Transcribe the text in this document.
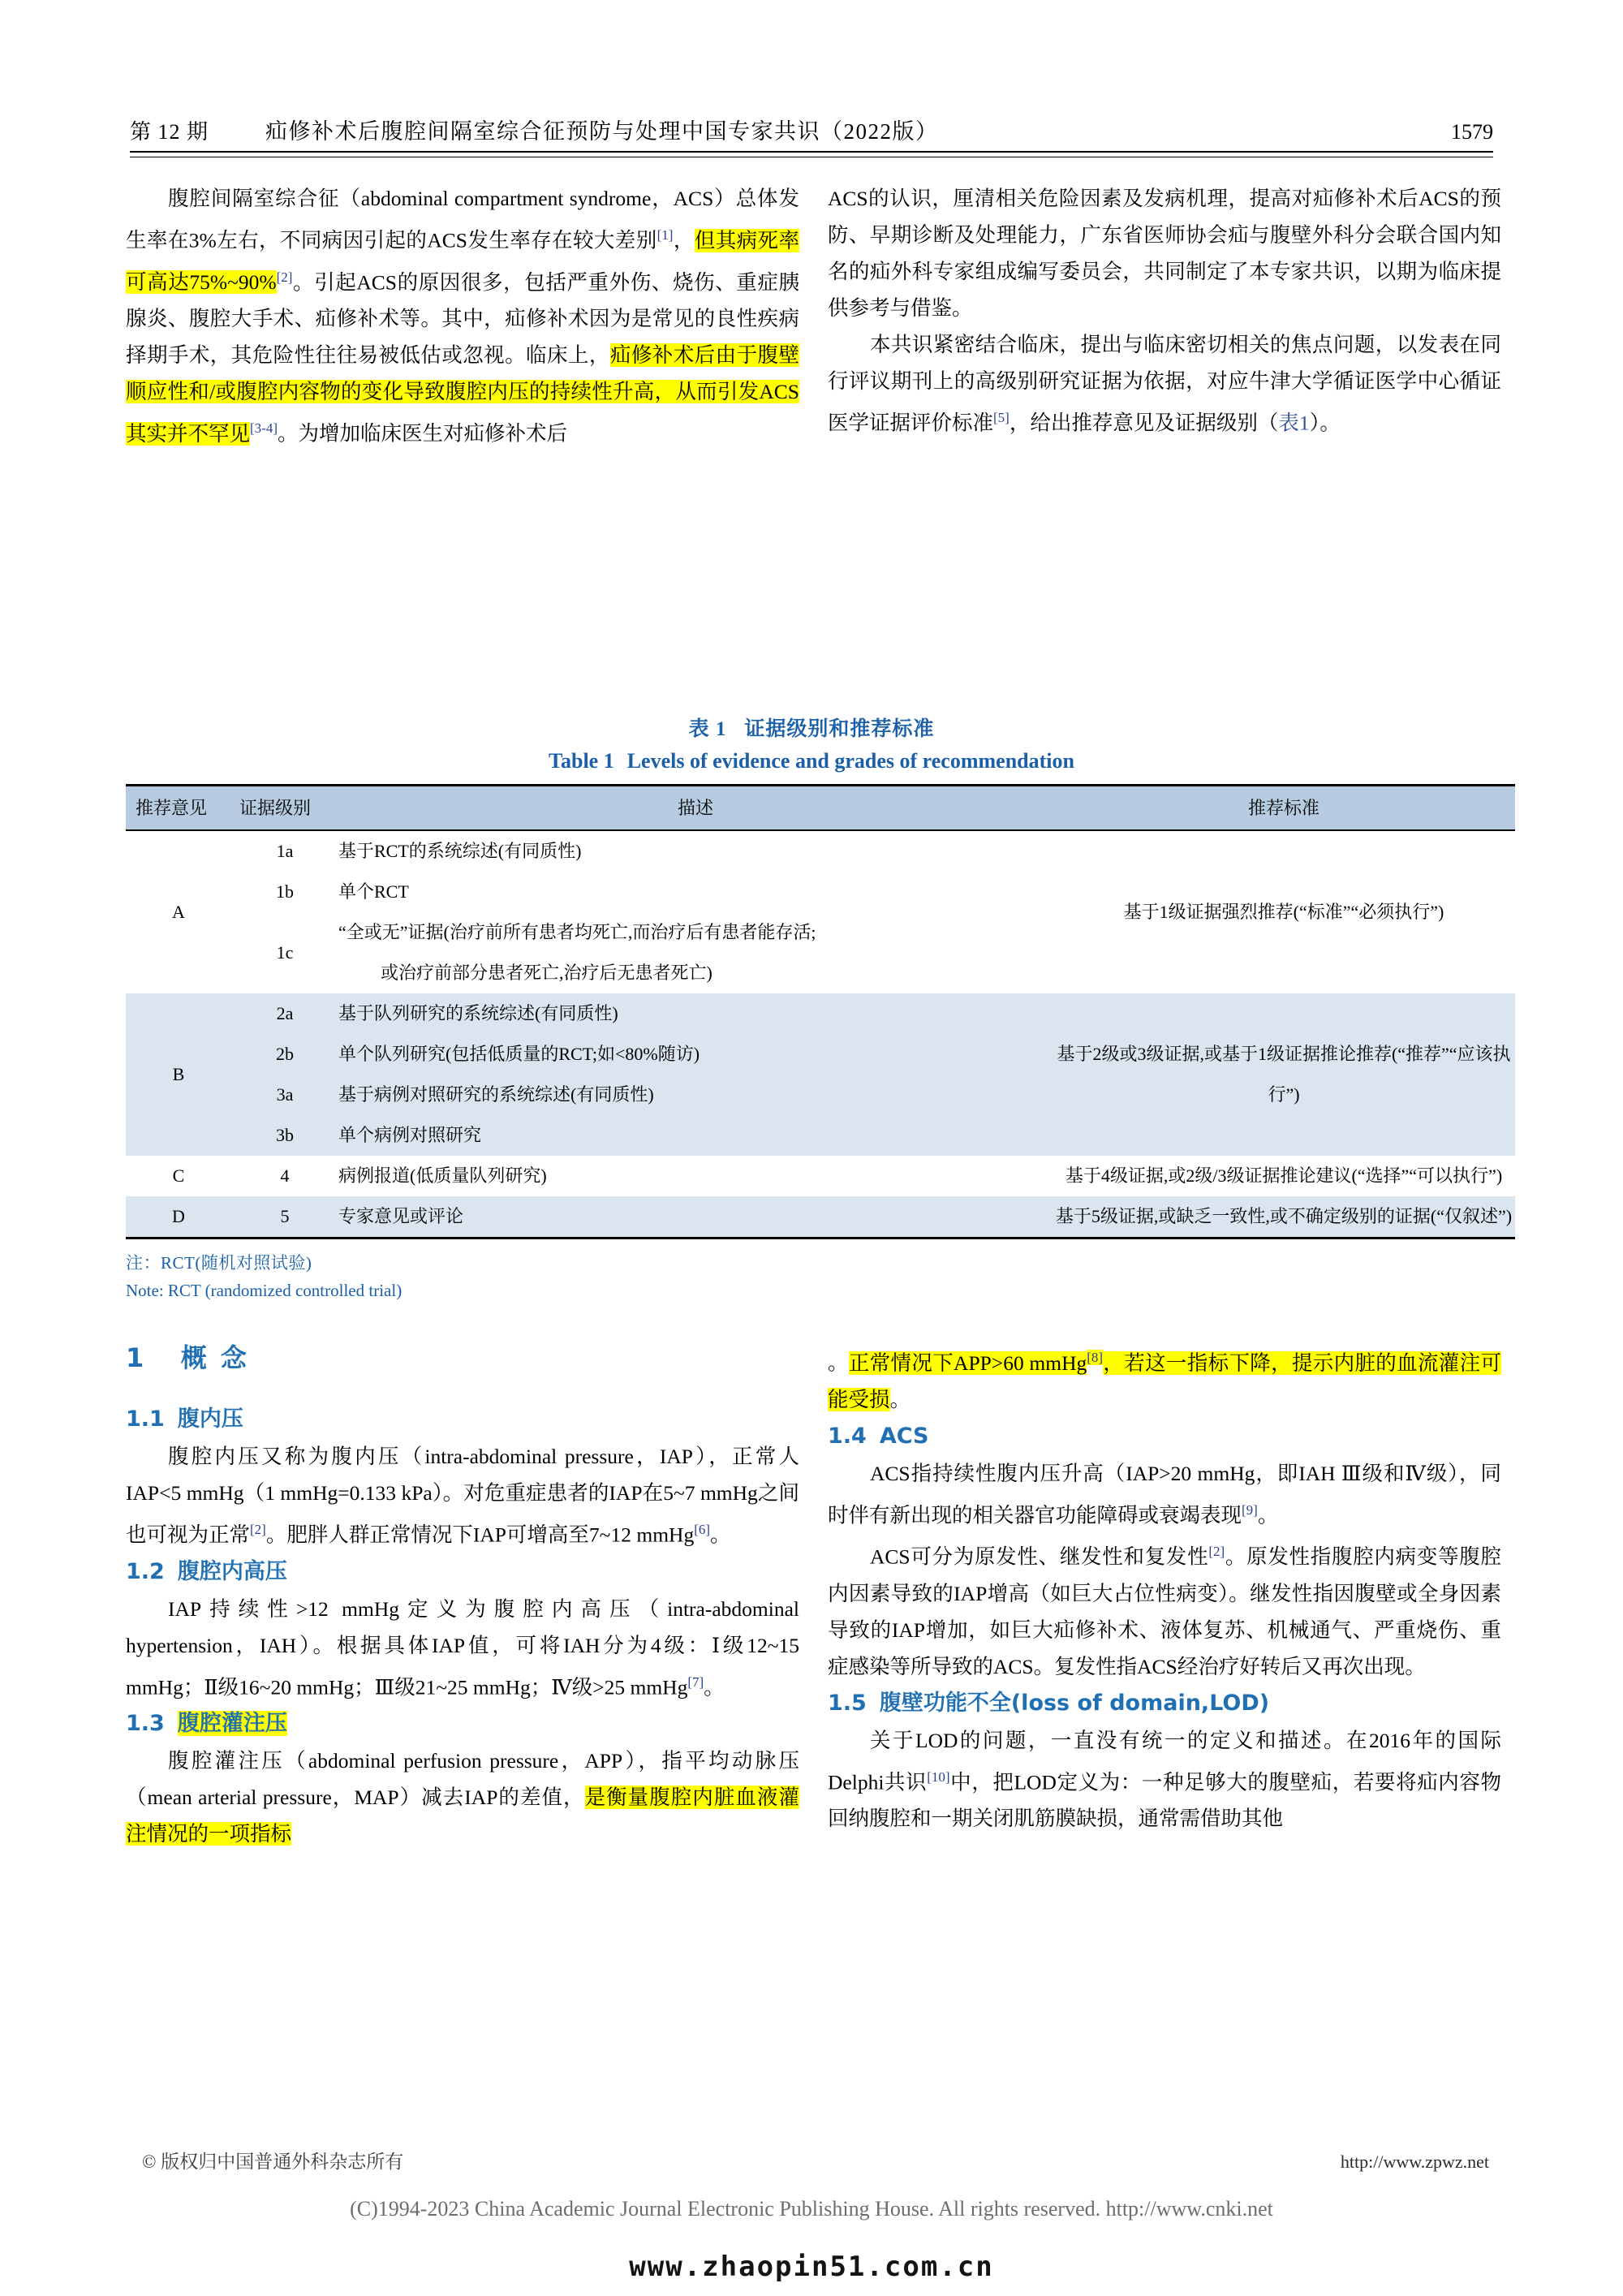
第 12 期	疝修补术后腹腔间隔室综合征预防与处理中国专家共识（2022版）	1579

腹腔间隔室综合征（abdominal compartment syndrome，ACS）总体发生率在3%左右，不同病因引起的ACS发生率存在较大差别[1]，但其病死率可高达75%~90%[2]。引起ACS的原因很多，包括严重外伤、烧伤、重症胰腺炎、腹腔大手术、疝修补术等。其中，疝修补术因为是常见的良性疾病择期手术，其危险性往往易被低估或忽视。临床上，疝修补术后由于腹壁顺应性和/或腹腔内容物的变化导致腹腔内压的持续性升高，从而引发ACS其实并不罕见[3-4]。为增加临床医生对疝修补术后

ACS的认识，厘清相关危险因素及发病机理，提高对疝修补术后ACS的预防、早期诊断及处理能力，广东省医师协会疝与腹壁外科分会联合国内知名的疝外科专家组成编写委员会，共同制定了本专家共识，以期为临床提供参考与借鉴。

本共识紧密结合临床，提出与临床密切相关的焦点问题，以发表在同行评议期刊上的高级别研究证据为依据，对应牛津大学循证医学中心循证医学证据评价标准[5]，给出推荐意见及证据级别（表1）。

表 1 证据级别和推荐标准
Table 1 Levels of evidence and grades of recommendation
推荐意见	证据级别	描述	推荐标准
A	1a	基于RCT的系统综述(有同质性)	基于1级证据强烈推荐(“标准”“必须执行”)
	1b	单个RCT	
	1c	“全或无”证据(治疗前所有患者均死亡,而治疗后有患者能存活;
或治疗前部分患者死亡,治疗后无患者死亡)	

B	2a	基于队列研究的系统综述(有同质性)	基于2级或3级证据,或基于1级证据推论推荐(“推荐”“应该执行”)
	2b	单个队列研究(包括低质量的RCT;如<80%随访)	
	3a	基于病例对照研究的系统综述(有同质性)	
	3b	单个病例对照研究	
C	4	病例报道(低质量队列研究)	基于4级证据,或2级/3级证据推论建议(“选择”“可以执行”)
D	5	专家意见或评论	基于5级证据,或缺乏一致性,或不确定级别的证据(“仅叙述”)
注：RCT(随机对照试验)
Note: RCT (randomized controlled trial)
1 概 念
1.1 腹内压

腹腔内压又称为腹内压（intra-abdominal pressure，IAP），正常人IAP<5 mmHg（1 mmHg=0.133 kPa）。对危重症患者的IAP在5~7 mmHg之间也可视为正常[2]。肥胖人群正常情况下IAP可增高至7~12 mmHg[6]。

1.2 腹腔内高压

IAP持续性>12 mmHg定义为腹腔内高压（intra-abdominal hypertension，IAH）。根据具体IAP值，可将IAH分为4级：Ⅰ级12~15 mmHg；Ⅱ级16~20 mmHg；Ⅲ级21~25 mmHg；Ⅳ级>25 mmHg[7]。

1.3 腹腔灌注压

腹腔灌注压（abdominal perfusion pressure，APP），指平均动脉压（mean arterial pressure，MAP）减去IAP的差值，是衡量腹腔内脏血液灌注情况的一项指标

。正常情况下APP>60 mmHg[8]，若这一指标下降，提示内脏的血流灌注可能受损。

1.4 ACS

ACS指持续性腹内压升高（IAP>20 mmHg，即IAH Ⅲ级和Ⅳ级），同时伴有新出现的相关器官功能障碍或衰竭表现[9]。

ACS可分为原发性、继发性和复发性[2]。原发性指腹腔内病变等腹腔内因素导致的IAP增高（如巨大占位性病变）。继发性指因腹壁或全身因素导致的IAP增加，如巨大疝修补术、液体复苏、机械通气、严重烧伤、重症感染等所导致的ACS。复发性指ACS经治疗好转后又再次出现。

1.5 腹壁功能不全(loss of domain,LOD)

关于LOD的问题，一直没有统一的定义和描述。在2016年的国际Delphi共识[10]中，把LOD定义为：一种足够大的腹壁疝，若要将疝内容物回纳腹腔和一期关闭肌筋膜缺损，通常需借助其他

© 版权归中国普通外科杂志所有	http://www.zpwz.net
(C)1994-2023 China Academic Journal Electronic Publishing House. All rights reserved. http://www.cnki.net
www.zhaopin51.com.cn
